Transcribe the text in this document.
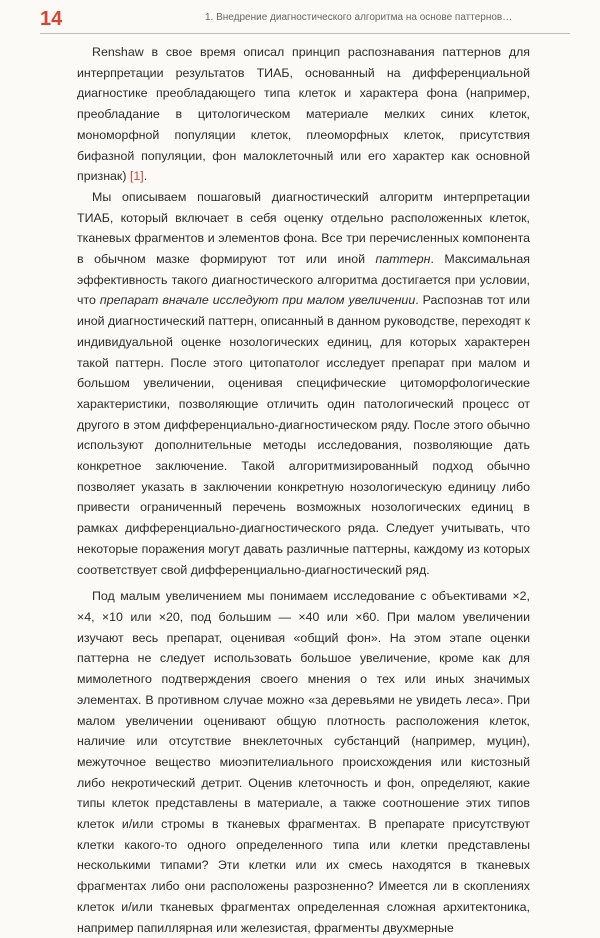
14	1. Внедрение диагностического алгоритма на основе паттернов…

Renshaw в свое время описал принцип распознавания паттернов для интерпретации результатов ТИАБ, основанный на дифференциальной диагностике преобладающего типа клеток и характера фона (например, преобладание в цитологическом материале мелких синих клеток, мономорфной популяции клеток, плеоморфных клеток, присутствия бифазной популяции, фон малоклеточный или его характер как основной признак) [1].

Мы описываем пошаговый диагностический алгоритм интерпретации ТИАБ, который включает в себя оценку отдельно расположенных клеток, тканевых фрагментов и элементов фона. Все три перечисленных компонента в обычном мазке формируют тот или иной паттерн. Максимальная эффективность такого диагностического алгоритма достигается при условии, что препарат вначале исследуют при малом увеличении. Распознав тот или иной диагностический паттерн, описанный в данном руководстве, переходят к индивидуальной оценке нозологических единиц, для которых характерен такой паттерн. После этого цитопатолог исследует препарат при малом и большом увеличении, оценивая специфические цитоморфологические характеристики, позволяющие отличить один патологический процесс от другого в этом дифференциально-диагностическом ряду. После этого обычно используют дополнительные методы исследования, позволяющие дать конкретное заключение. Такой алгоритмизированный подход обычно позволяет указать в заключении конкретную нозологическую единицу либо привести ограниченный перечень возможных нозологических единиц в рамках дифференциально-диагностического ряда. Следует учитывать, что некоторые поражения могут давать различные паттерны, каждому из которых соответствует свой дифференциально-диагностический ряд.

Под малым увеличением мы понимаем исследование с объективами ×2, ×4, ×10 или ×20, под большим — ×40 или ×60. При малом увеличении изучают весь препарат, оценивая «общий фон». На этом этапе оценки паттерна не следует использовать большое увеличение, кроме как для мимолетного подтверждения своего мнения о тех или иных значимых элементах. В противном случае можно «за деревьями не увидеть леса». При малом увеличении оценивают общую плотность расположения клеток, наличие или отсутствие внеклеточных субстанций (например, муцин), межуточное вещество миоэпителиального происхождения или кистозный либо некротический детрит. Оценив клеточность и фон, определяют, какие типы клеток представлены в материале, а также соотношение этих типов клеток и/или стромы в тканевых фрагментах. В препарате присутствуют клетки какого-то одного определенного типа или клетки представлены несколькими типами? Эти клетки или их смесь находятся в тканевых фрагментах либо они расположены разрозненно? Имеется ли в скоплениях клеток и/или тканевых фрагментах определенная сложная архитектоника, например папиллярная или железистая, фрагменты двухмерные
